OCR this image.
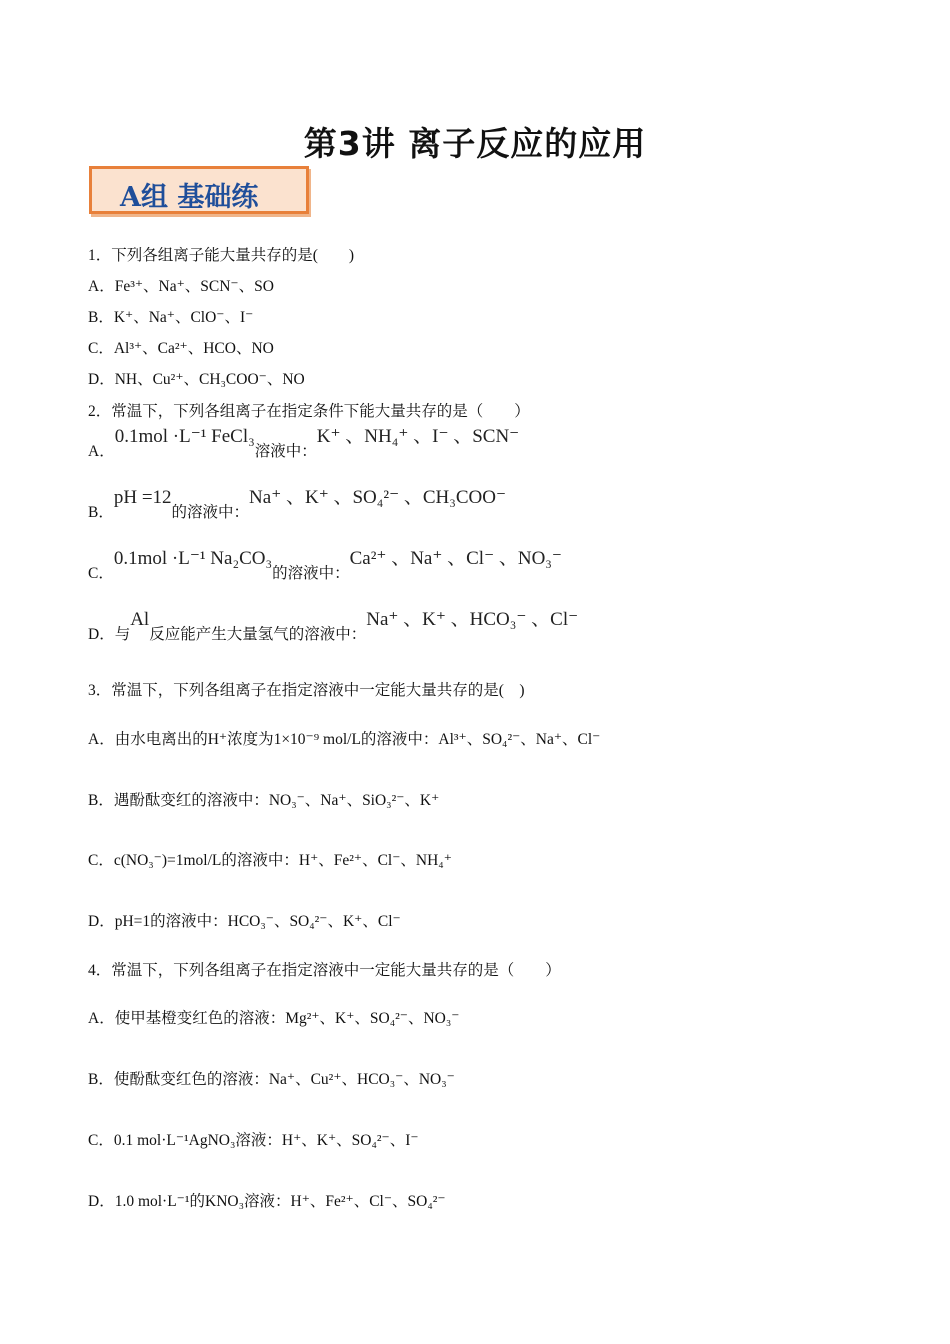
第3讲 离子反应的应用
A组 基础练
1．下列各组离子能大量共存的是(　　)
A．Fe³⁺、Na⁺、SCN⁻、SO
B．K⁺、Na⁺、ClO⁻、I⁻
C．Al³⁺、Ca²⁺、HCO、NO
D．NH、Cu²⁺、CH₃COO⁻、NO
2．常温下，下列各组离子在指定条件下能大量共存的是（　　）
A．0.1mol ·L⁻¹ FeCl₃溶液中：K⁺ 、NH₄⁺ 、I⁻ 、SCN⁻
B．pH =12的溶液中：Na⁺ 、K⁺ 、SO₄²⁻ 、CH₃COO⁻
C．0.1mol ·L⁻¹ Na₂CO₃的溶液中：Ca²⁺ 、Na⁺ 、Cl⁻ 、NO₃⁻
D．与Al反应能产生大量氢气的溶液中：Na⁺ 、K⁺ 、HCO₃⁻ 、Cl⁻
3．常温下，下列各组离子在指定溶液中一定能大量共存的是(　)
A．由水电离出的H⁺浓度为1×10⁻⁹ mol/L的溶液中：Al³⁺、SO₄²⁻、Na⁺、Cl⁻
B．遇酚酞变红的溶液中：NO₃⁻、Na⁺、SiO₃²⁻、K⁺
C．c(NO₃⁻)=1mol/L的溶液中：H⁺、Fe²⁺、Cl⁻、NH₄⁺
D．pH=1的溶液中：HCO₃⁻、SO₄²⁻、K⁺、Cl⁻
4．常温下，下列各组离子在指定溶液中一定能大量共存的是（　　）
A．使甲基橙变红色的溶液：Mg²⁺、K⁺、SO₄²⁻、NO₃⁻
B．使酚酞变红色的溶液：Na⁺、Cu²⁺、HCO₃⁻、NO₃⁻
C．0.1 mol·L⁻¹AgNO₃溶液：H⁺、K⁺、SO₄²⁻、I⁻
D．1.0 mol·L⁻¹的KNO₃溶液：H⁺、Fe²⁺、Cl⁻、SO₄²⁻
